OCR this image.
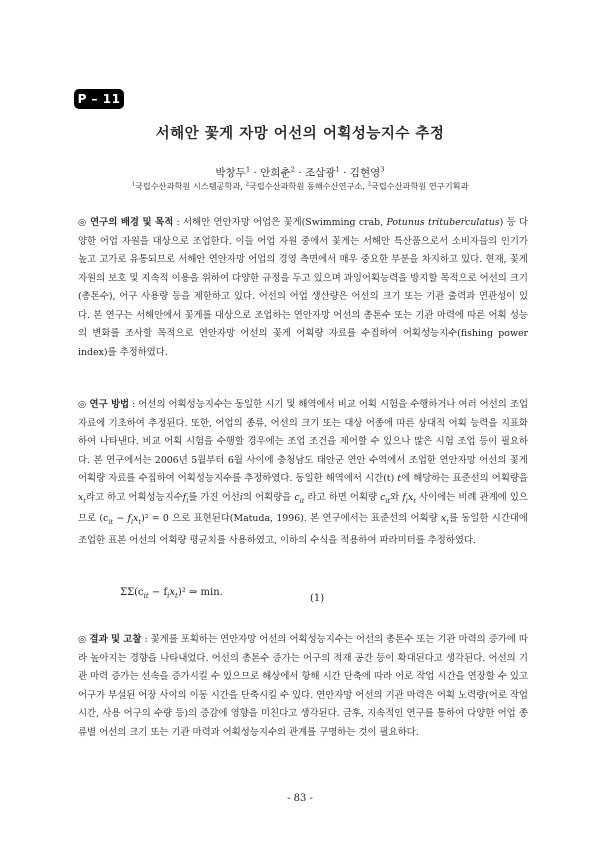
P – 11
서해안 꽃게 자망 어선의 어획성능지수 추정
박창두$^1$ · 안희춘$^2$ · 조삼광$^1$ · 김현영$^3$
$^1$국립수산과학원 시스템공학과, $^2$국립수산과학원 동해수산연구소, $^3$국립수산과학원 연구기획과
◎ 연구의 배경 및 목적 : 서해안 연안자망 어업은 꽃게(Swimming crab, Potunus trituberculatus) 등 다양한 어업 자원을 대상으로 조업한다. 이들 어업 자원 중에서 꽃게는 서해안 특산품으로서 소비자들의 인기가 높고 고가로 유통되므로 서해안 연안자망 어업의 경영 측면에서 매우 중요한 부분을 차지하고 있다. 현재, 꽃게 자원의 보호 및 지속적 이용을 위하여 다양한 규정을 두고 있으며 과잉어획능력을 방지할 목적으로 어선의 크기(총톤수), 어구 사용량 등을 제한하고 있다. 어선의 어업 생산량은 어선의 크기 또는 기관 출력과 연관성이 있다. 본 연구는 서해안에서 꽃게를 대상으로 조업하는 연안자망 어선의 총톤수 또는 기관 마력에 따른 어획 성능의 변화를 조사할 목적으로 연안자망 어선의 꽃게 어획량 자료를 수집하여 어획성능지수(fishing power index)를 추정하였다.
◎ 연구 방법 : 어선의 어획성능지수는 동일한 시기 및 해역에서 비교 어획 시험을 수행하거나 여러 어선의 조업 자료에 기초하여 추정된다. 또한, 어업의 종류, 어선의 크기 또는 대상 어종에 따른 상대적 어획 능력을 지표화하여 나타낸다. 비교 어획 시험을 수행할 경우에는 조업 조건을 제어할 수 있으나 많은 시험 조업 등이 필요하다. 본 연구에서는 2006년 5월부터 6월 사이에 충청남도 태안군 연안 수역에서 조업한 연안자망 어선의 꽃게 어획량 자료를 수집하여 어획성능지수를 추정하였다. 동일한 해역에서 시간(t) t에 해당하는 표준선의 어획량을 $x_t$라고 하고 어획성능지수$f_i$를 가진 어선i의 어획량을 $c_{it}$ 라고 하면 어획량 $c_{it}$와 $f_ix_t$ 사이에는 비례 관계에 있으므로 $(c_{it} - f_ix_t)^2 = 0$ 으로 표현된다(Matuda, 1996). 본 연구에서는 표준선의 어획량 $x_t$를 동일한 시간대에 조업한 표본 어선의 어획량 평균치를 사용하였고, 이하의 수식을 적용하여 파라미터를 추정하였다.
$\Sigma\Sigma(c_{it} - f_ix_t)^2$ ⇒ min.
(1)
◎ 결과 및 고찰 : 꽃게를 포획하는 연안자망 어선의 어획성능지수는 어선의 총톤수 또는 기관 마력의 증가에 따라 높아지는 경향을 나타내었다. 어선의 총톤수 증가는 어구의 적재 공간 등이 확대된다고 생각된다. 어선의 기관 마력 증가는 선속을 증가시킬 수 있으므로 해상에서 항해 시간 단축에 따라 어로 작업 시간을 연장할 수 있고 어구가 부설된 어장 사이의 이동 시간을 단축시킬 수 있다. 연안자망 어선의 기관 마력은 어획 노력량(어로 작업 시간, 사용 어구의 수량 등)의 증감에 영향을 미친다고 생각된다. 금후, 지속적인 연구를 통하여 다양한 어업 종류별 어선의 크기 또는 기관 마력과 어획성능지수의 관계를 구명하는 것이 필요하다.
- 83 -
